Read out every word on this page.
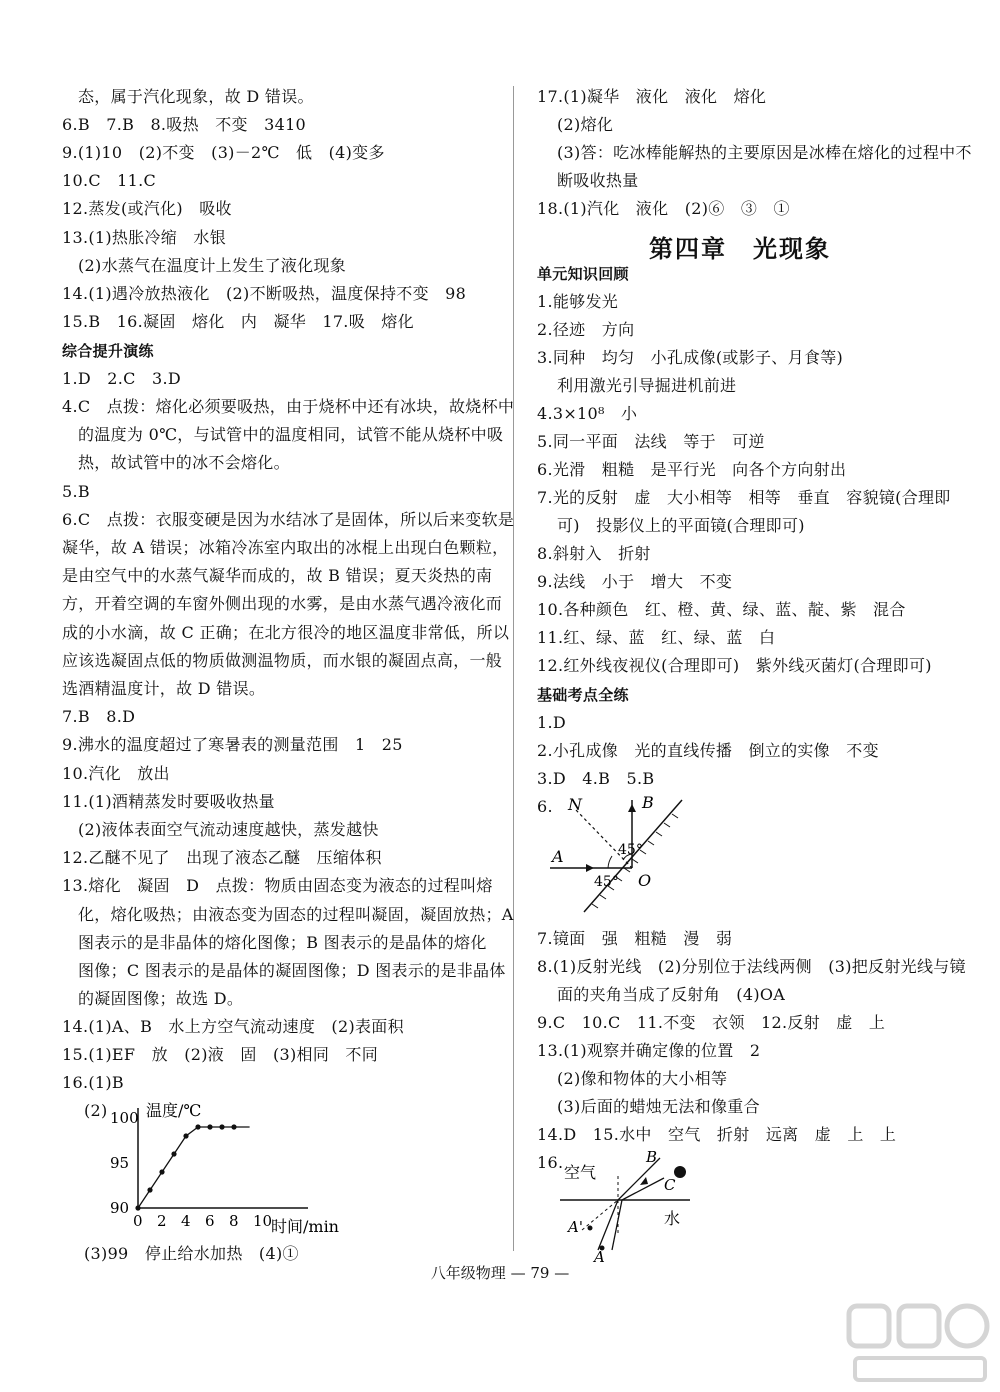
态，属于汽化现象，故 D 错误。
6.B　7.B　8.吸热　不变　3410
9.(1)10　(2)不变　(3)－2℃　低　(4)变多
10.C　11.C
12.蒸发(或汽化)　吸收
13.(1)热胀冷缩　水银
(2)水蒸气在温度计上发生了液化现象
14.(1)遇冷放热液化　(2)不断吸热，温度保持不变　98
15.B　16.凝固　熔化　内　凝华　17.吸　熔化
综合提升演练
1.D　2.C　3.D
4.C　点拨：熔化必须要吸热，由于烧杯中还有冰块，故烧杯中
的温度为 0℃，与试管中的温度相同，试管不能从烧杯中吸
热，故试管中的冰不会熔化。
5.B
6.C　点拨：衣服变硬是因为水结冰了是固体，所以后来变软是
凝华，故 A 错误；冰箱冷冻室内取出的冰棍上出现白色颗粒，
是由空气中的水蒸气凝华而成的，故 B 错误；夏天炎热的南
方，开着空调的车窗外侧出现的水雾，是由水蒸气遇冷液化而
成的小水滴，故 C 正确；在北方很冷的地区温度非常低，所以
应该选凝固点低的物质做测温物质，而水银的凝固点高，一般
选酒精温度计，故 D 错误。
7.B　8.D
9.沸水的温度超过了寒暑表的测量范围　1　25
10.汽化　放出
11.(1)酒精蒸发时要吸收热量
(2)液体表面空气流动速度越快，蒸发越快
12.乙醚不见了　出现了液态乙醚　压缩体积
13.熔化　凝固　D　点拨：物质由固态变为液态的过程叫熔
化，熔化吸热；由液态变为固态的过程叫凝固，凝固放热；A
图表示的是非晶体的熔化图像；B 图表示的是晶体的熔化
图像；C 图表示的是晶体的凝固图像；D 图表示的是非晶体
的凝固图像；故选 D。
14.(1)A、B　水上方空气流动速度　(2)表面积
15.(1)EF　放　(2)液　固　(3)相同　不同
16.(1)B
(2)
(3)99　停止给水加热　(4)①
17.(1)凝华　液化　液化　熔化
(2)熔化
(3)答：吃冰棒能解热的主要原因是冰棒在熔化的过程中不
断吸收热量
18.(1)汽化　液化　(2)⑥　③　①
单元知识回顾
1.能够发光
2.径迹　方向
3.同种　均匀　小孔成像(或影子、月食等)
利用激光引导掘进机前进
4.3×10⁸　小
5.同一平面　法线　等于　可逆
6.光滑　粗糙　是平行光　向各个方向射出
7.光的反射　虚　大小相等　相等　垂直　容貌镜(合理即
可)　投影仪上的平面镜(合理即可)
8.斜射入　折射
9.法线　小于　增大　不变
10.各种颜色　红、橙、黄、绿、蓝、靛、紫　混合
11.红、绿、蓝　红、绿、蓝　白
12.红外线夜视仪(合理即可)　紫外线灭菌灯(合理即可)
基础考点全练
1.D
2.小孔成像　光的直线传播　倒立的实像　不变
3.D　4.B　5.B
6.
7.镜面　强　粗糙　漫　弱
8.(1)反射光线　(2)分别位于法线两侧　(3)把反射光线与镜
面的夹角当成了反射角　(4)OA
9.C　10.C　11.不变　衣领　12.反射　虚　上
13.(1)观察并确定像的位置　2
(2)像和物体的大小相等
(3)后面的蜡烛无法和像重合
14.D　15.水中　空气　折射　远离　虚　上　上
16.
第四章　光现象
温度/℃
时间/min
90
95
100
0 2 4 6 8 10
N	B
A
O
45°
45°
空气
水
B
C
A'
A
八年级物理 — 79 —
